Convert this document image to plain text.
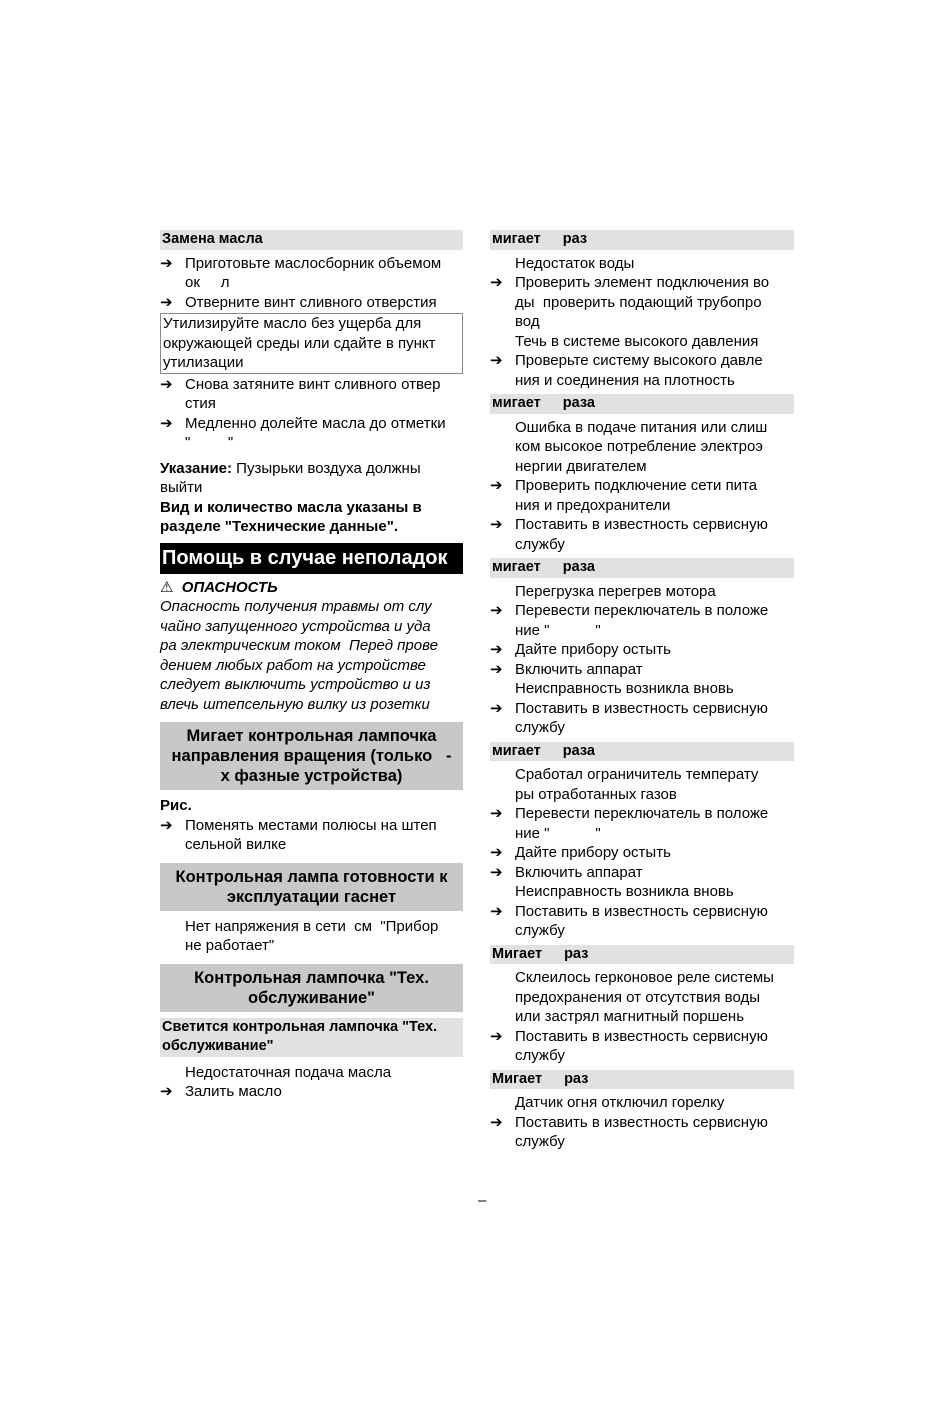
Замена масла
➔ Приготовьте маслосборник объемом
ок     л
➔ Отверните винт сливного отверстия
Утилизируйте масло без ущерба для
окружающей среды или сдайте в пункт
утилизации
➔ Снова затяните винт сливного отвер
стия
➔ Медленно долейте масла до отметки
"         "
Указание: Пузырьки воздуха должны
выйти
Вид и количество масла указаны в
разделе "Технические данные".
Помощь в случае неполадок
⚠ ОПАСНОСТЬ
Опасность получения травмы от слу
чайно запущенного устройства и уда
ра электрическим током  Перед прове
дением любых работ на устройстве
следует выключить устройство и из
влечь штепсельную вилку из розетки
Мигает контрольная лампочка
направления вращения (только   -
х фазные устройства)
Рис.
➔ Поменять местами полюсы на штеп
сельной вилке
Контрольная лампа готовности к
эксплуатации гаснет
Нет напряжения в сети  см  "Прибор
не работает"
Контрольная лампочка "Тех.
обслуживание"
Светится контрольная лампочка "Тех.
обслуживание"
Недостаточная подача масла
➔ Залить масло
мигает раз
Недостаток воды
➔ Проверить элемент подключения во
ды  проверить подающий трубопро
вод
Течь в системе высокого давления
➔ Проверьте систему высокого давле
ния и соединения на плотность
мигает раза
Ошибка в подаче питания или слиш
ком высокое потребление электроэ
нергии двигателем
➔ Проверить подключение сети пита
ния и предохранители
➔ Поставить в известность сервисную
службу
мигает раза
Перегрузка перегрев мотора
➔ Перевести переключатель в положе
ние "           "
➔ Дайте прибору остыть
➔ Включить аппарат
Неисправность возникла вновь
➔ Поставить в известность сервисную
службу
мигает раза
Сработал ограничитель температу
ры отработанных газов
➔ Перевести переключатель в положе
ние "           "
➔ Дайте прибору остыть
➔ Включить аппарат
Неисправность возникла вновь
➔ Поставить в известность сервисную
службу
Мигает раз
Склеилось герконовое реле системы
предохранения от отсутствия воды
или застрял магнитный поршень
➔ Поставить в известность сервисную
службу
Мигает раз
Датчик огня отключил горелку
➔ Поставить в известность сервисную
службу
–
